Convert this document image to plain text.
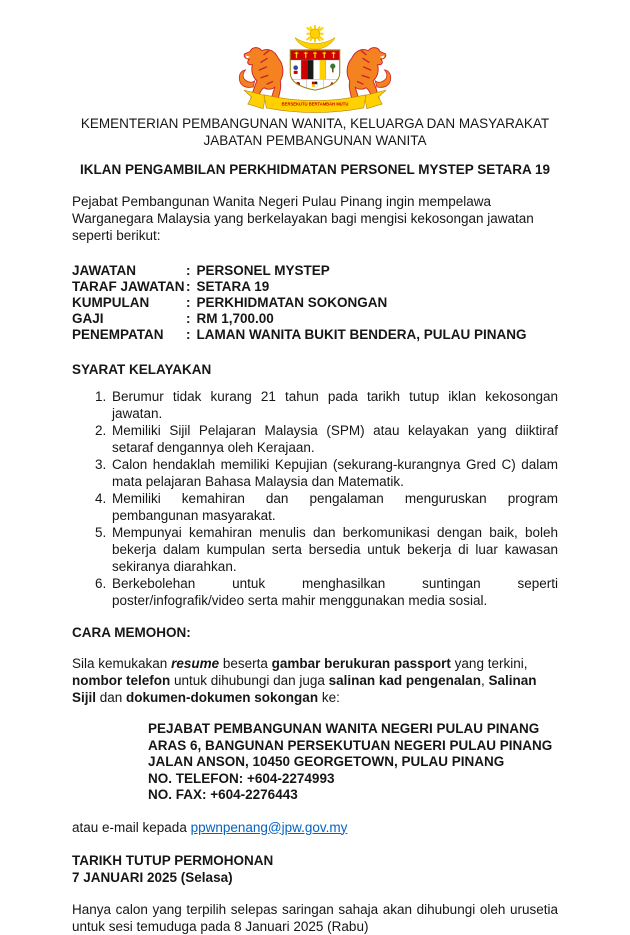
BERSEKUTU BERTAMBAH MUTU
KEMENTERIAN PEMBANGUNAN WANITA, KELUARGA DAN MASYARAKAT
JABATAN PEMBANGUNAN WANITA
IKLAN PENGAMBILAN PERKHIDMATAN PERSONEL MYSTEP SETARA 19
Pejabat Pembangunan Wanita Negeri Pulau Pinang ingin mempelawa Warganegara Malaysia yang berkelayakan bagi mengisi kekosongan jawatan seperti berikut:
JAWATAN	: PERSONEL MYSTEP
TARAF JAWATAN : SETARA 19
KUMPULAN	: PERKHIDMATAN SOKONGAN
GAJI	: RM 1,700.00
PENEMPATAN	: LAMAN WANITA BUKIT BENDERA, PULAU PINANG
SYARAT KELAYAKAN
1. Berumur tidak kurang 21 tahun pada tarikh tutup iklan kekosongan jawatan.
2. Memiliki Sijil Pelajaran Malaysia (SPM) atau kelayakan yang diiktiraf setaraf dengannya oleh Kerajaan.
3. Calon hendaklah memiliki Kepujian (sekurang-kurangnya Gred C) dalam mata pelajaran Bahasa Malaysia dan Matematik.
4. Memiliki kemahiran dan pengalaman menguruskan program pembangunan masyarakat.
5. Mempunyai kemahiran menulis dan berkomunikasi dengan baik, boleh bekerja dalam kumpulan serta bersedia untuk bekerja di luar kawasan sekiranya diarahkan.
6. Berkebolehan untuk menghasilkan suntingan seperti poster/infografik/video serta mahir menggunakan media sosial.
CARA MEMOHON:
Sila kemukakan resume beserta gambar berukuran passport yang terkini, nombor telefon untuk dihubungi dan juga salinan kad pengenalan, Salinan Sijil dan dokumen-dokumen sokongan ke:
PEJABAT PEMBANGUNAN WANITA NEGERI PULAU PINANG
ARAS 6, BANGUNAN PERSEKUTUAN NEGERI PULAU PINANG
JALAN ANSON, 10450 GEORGETOWN, PULAU PINANG
NO. TELEFON: +604-2274993
NO. FAX: +604-2276443
atau e-mail kepada ppwnpenang@jpw.gov.my
TARIKH TUTUP PERMOHONAN
7 JANUARI 2025 (Selasa)
Hanya calon yang terpilih selepas saringan sahaja akan dihubungi oleh urusetia untuk sesi temuduga pada 8 Januari 2025 (Rabu)
